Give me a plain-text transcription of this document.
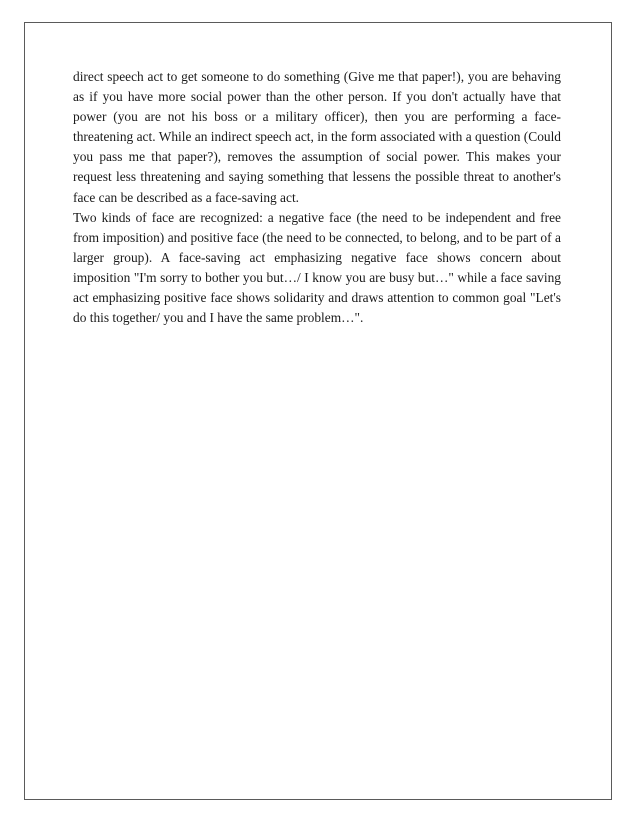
direct speech act to get someone to do something (Give me that paper!), you are behaving as if you have more social power than the other person. If you don't actually have that power (you are not his boss or a military officer), then you are performing a face-threatening act. While an indirect speech act, in the form associated with a question (Could you pass me that paper?), removes the assumption of social power. This makes your request less threatening and saying something that lessens the possible threat to another's face can be described as a face-saving act.

Two kinds of face are recognized: a negative face (the need to be independent and free from imposition) and positive face (the need to be connected, to belong, and to be part of a larger group). A face-saving act emphasizing negative face shows concern about imposition "I'm sorry to bother you but…/ I know you are busy but…" while a face saving act emphasizing positive face shows solidarity and draws attention to common goal "Let's do this together/ you and I have the same problem…".
